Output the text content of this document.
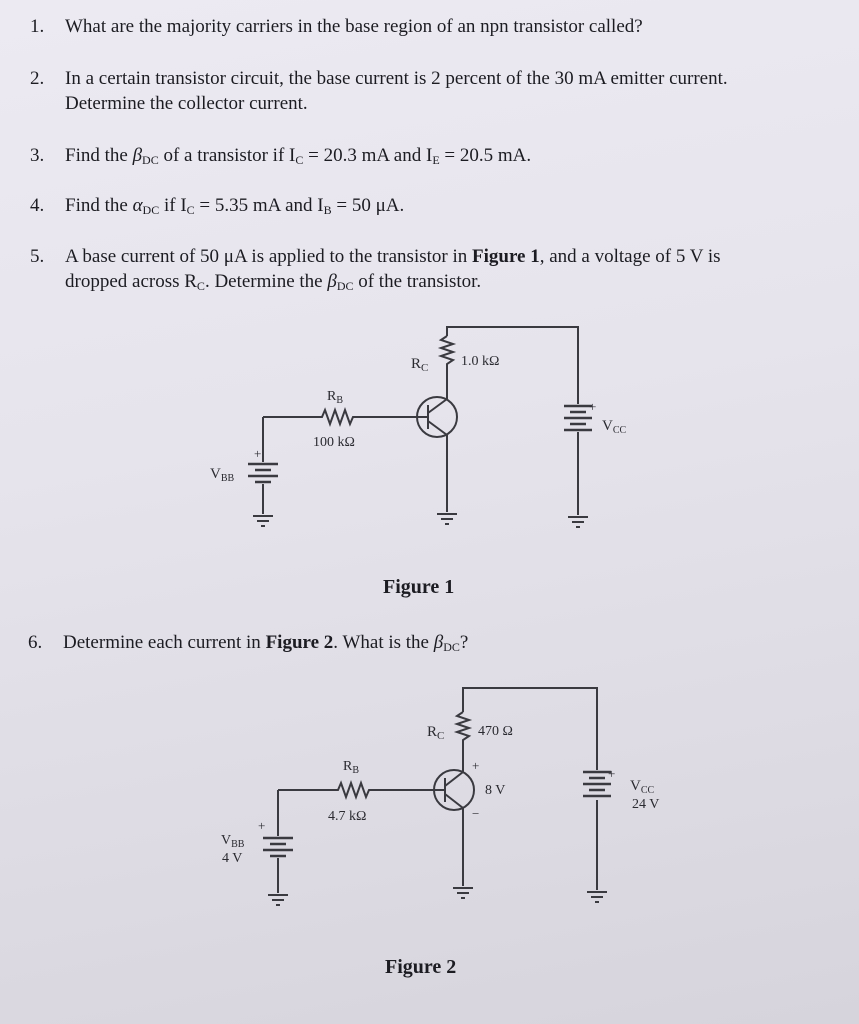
1. What are the majority carriers in the base region of an npn transistor called?
2. In a certain transistor circuit, the base current is 2 percent of the 30 mA emitter current.
Determine the collector current.
3. Find the $\beta_{DC}$ of a transistor if $I_C = 20.3$ mA and $I_E = 20.5$ mA.
4. Find the $\alpha_{DC}$ if $I_C = 5.35$ mA and $I_B = 50$ μA.
5. A base current of 50 μA is applied to the transistor in Figure 1, and a voltage of 5 V is
dropped across $R_C$. Determine the $\beta_{DC}$ of the transistor.
$R_C$ 1.0 kΩ
$R_B$
100 kΩ
$V_{BB}$
+
+
$V_{CC}$
Figure 1
6. Determine each current in Figure 2. What is the $\beta_{DC}$?
$R_C$ 470 Ω
$R_B$
4.7 kΩ
$V_{BB}$
4 V
+
+
8 V
−
+
$V_{CC}$
24 V
Figure 2
